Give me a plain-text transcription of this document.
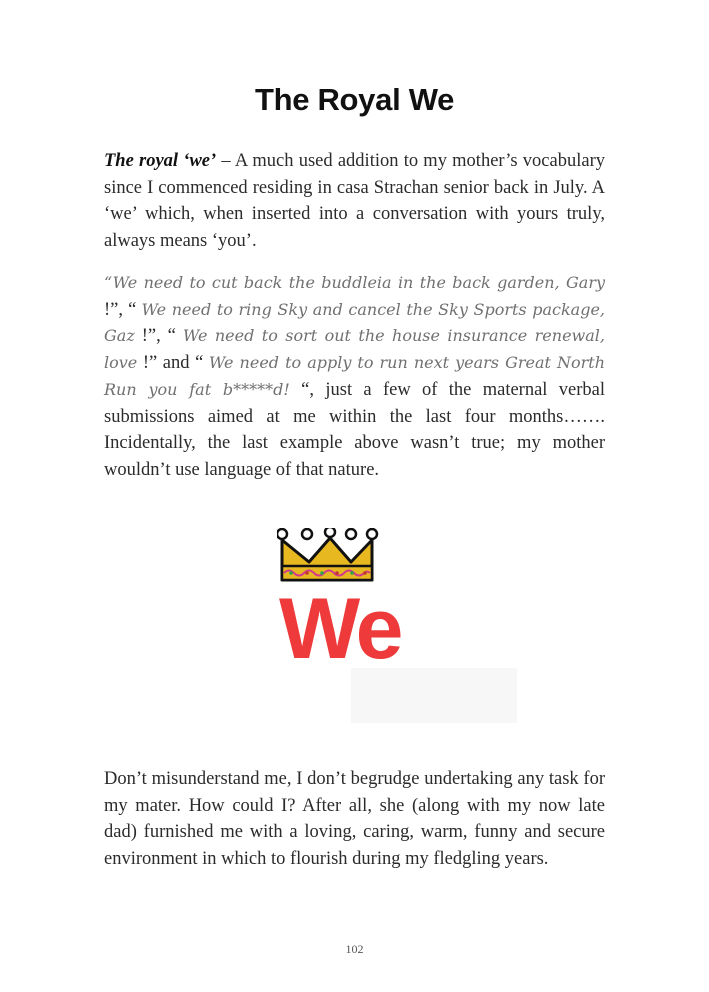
The Royal We

The royal ‘we’ – A much used addition to my mother’s vocabulary since I commenced residing in casa Strachan senior back in July. A ‘we’ which, when inserted into a conversation with yours truly, always means ‘you’.

“We need to cut back the buddleia in the back garden, Gary !”, “ We need to ring Sky and cancel the Sky Sports package, Gaz !”, “ We need to sort out the house insurance renewal, love !” and “ We need to apply to run next years Great North Run you fat b*****d! “, just a few of the maternal verbal submissions aimed at me within the last four months……. Incidentally, the last example above wasn’t true; my mother wouldn’t use language of that nature.

We

Don’t misunderstand me, I don’t begrudge undertaking any task for my mater. How could I? After all, she (along with my now late dad) furnished me with a loving, caring, warm, funny and secure environment in which to flourish during my fledgling years.

102
